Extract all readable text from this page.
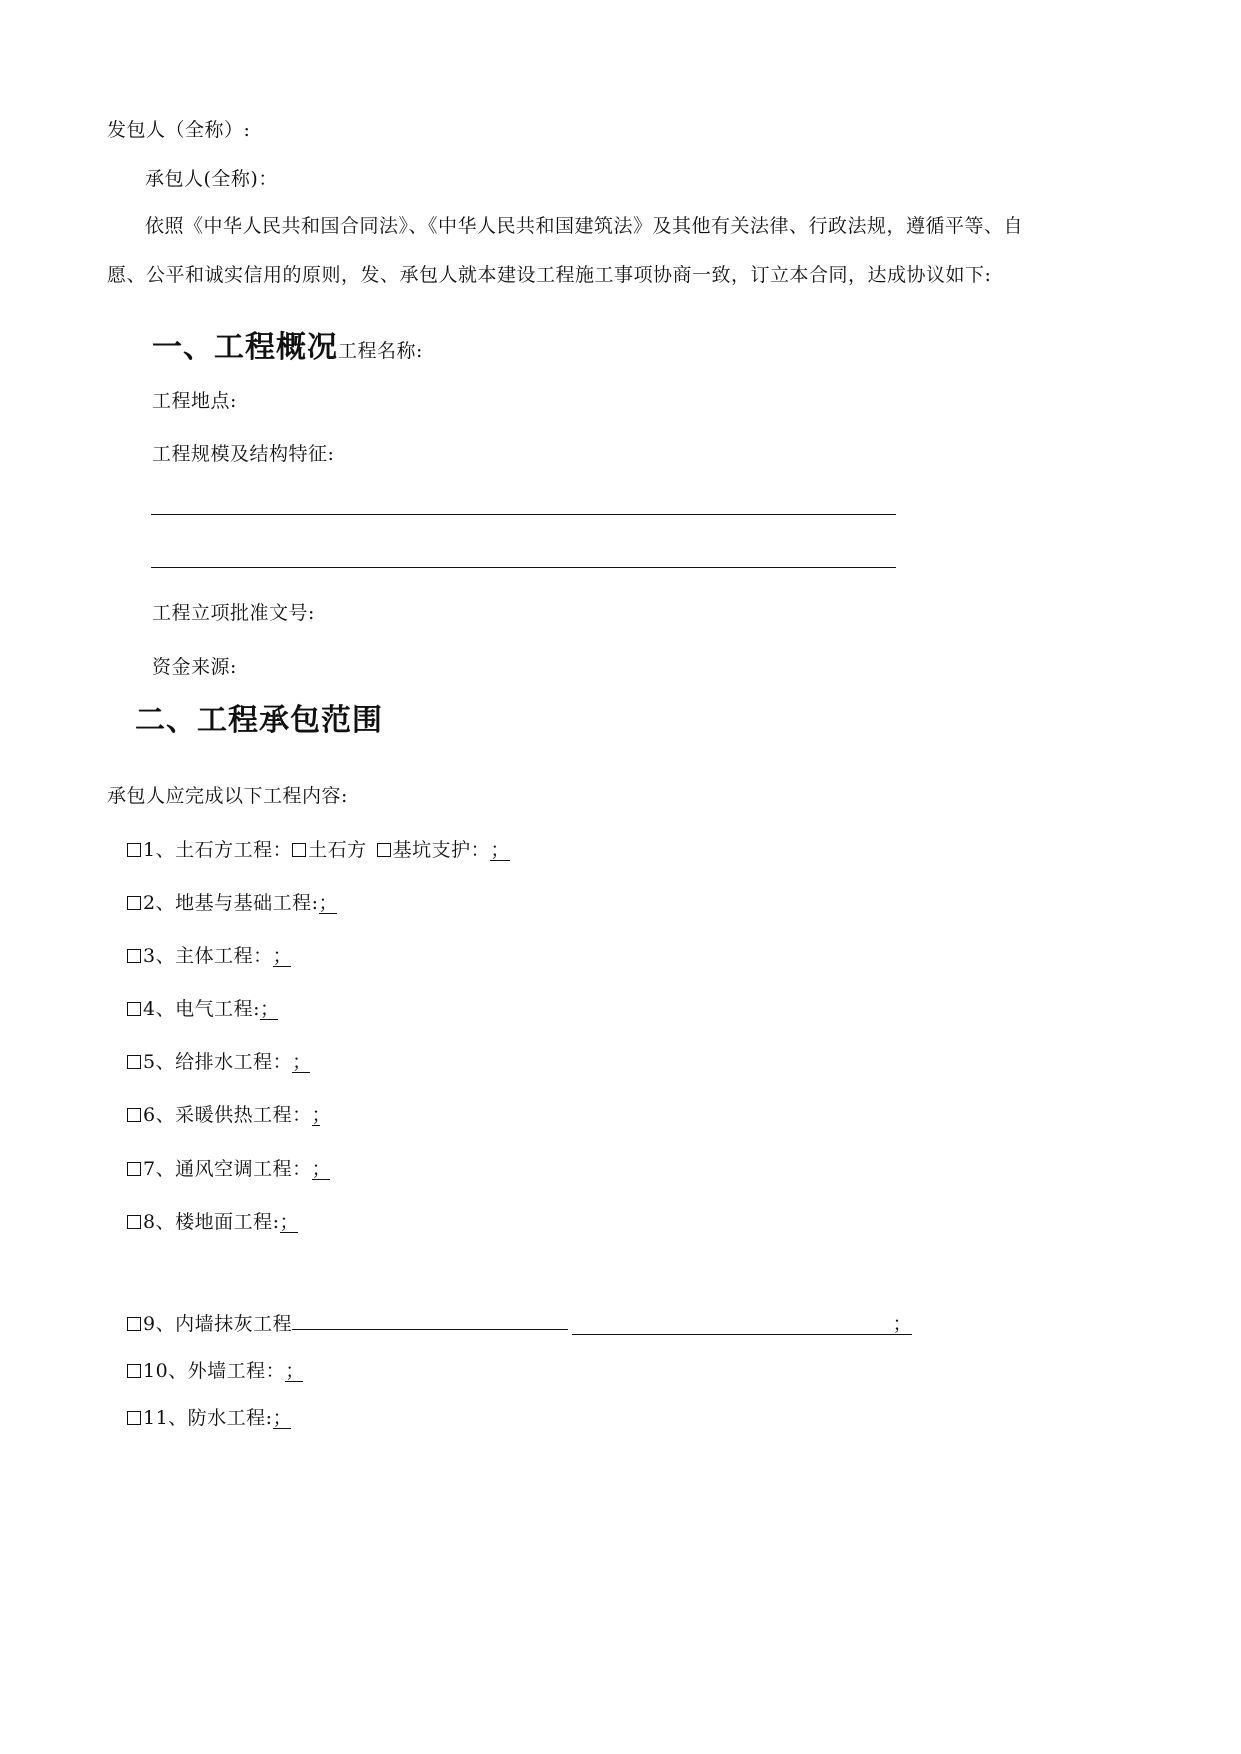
发包人（全称）:
承包人(全称)：
依照《中华人民共和国合同法》、《中华人民共和国建筑法》及其他有关法律、行政法规，遵循平等、自
愿、公平和诚实信用的原则，发、承包人就本建设工程施工事项协商一致，订立本合同，达成协议如下:
一、工程概况工程名称:
工程地点:
工程规模及结构特征:
工程立项批准文号:
资金来源:
二、工程承包范围
承包人应完成以下工程内容:
1、土石方工程： 土石方 基坑支护：；
2、地基与基础工程:；
3、主体工程：；
4、电气工程:；
5、给排水工程：；
6、采暖供热工程：；
7、通风空调工程：；
8、楼地面工程:；
9、内墙抹灰工程	；
10、外墙工程：；
11、防水工程:；
